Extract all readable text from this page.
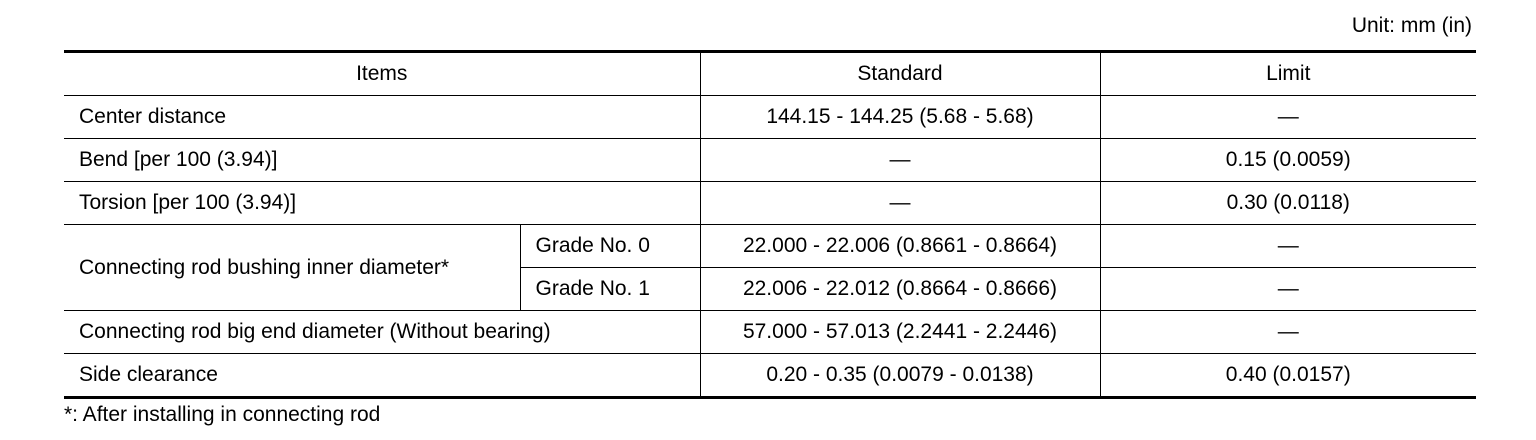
Unit: mm (in)
Items		Standard	Limit
Center distance		144.15 - 144.25 (5.68 - 5.68)	—
Bend [per 100 (3.94)]		—	0.15 (0.0059)
Torsion [per 100 (3.94)]		—	0.30 (0.0118)
Connecting rod bushing inner diameter*	Grade No. 0	22.000 - 22.006 (0.8661 - 0.8664)	—
	Grade No. 1	22.006 - 22.012 (0.8664 - 0.8666)	—
Connecting rod big end diameter (Without bearing)		57.000 - 57.013 (2.2441 - 2.2446)	—
Side clearance		0.20 - 0.35 (0.0079 - 0.0138)	0.40 (0.0157)
*: After installing in connecting rod
